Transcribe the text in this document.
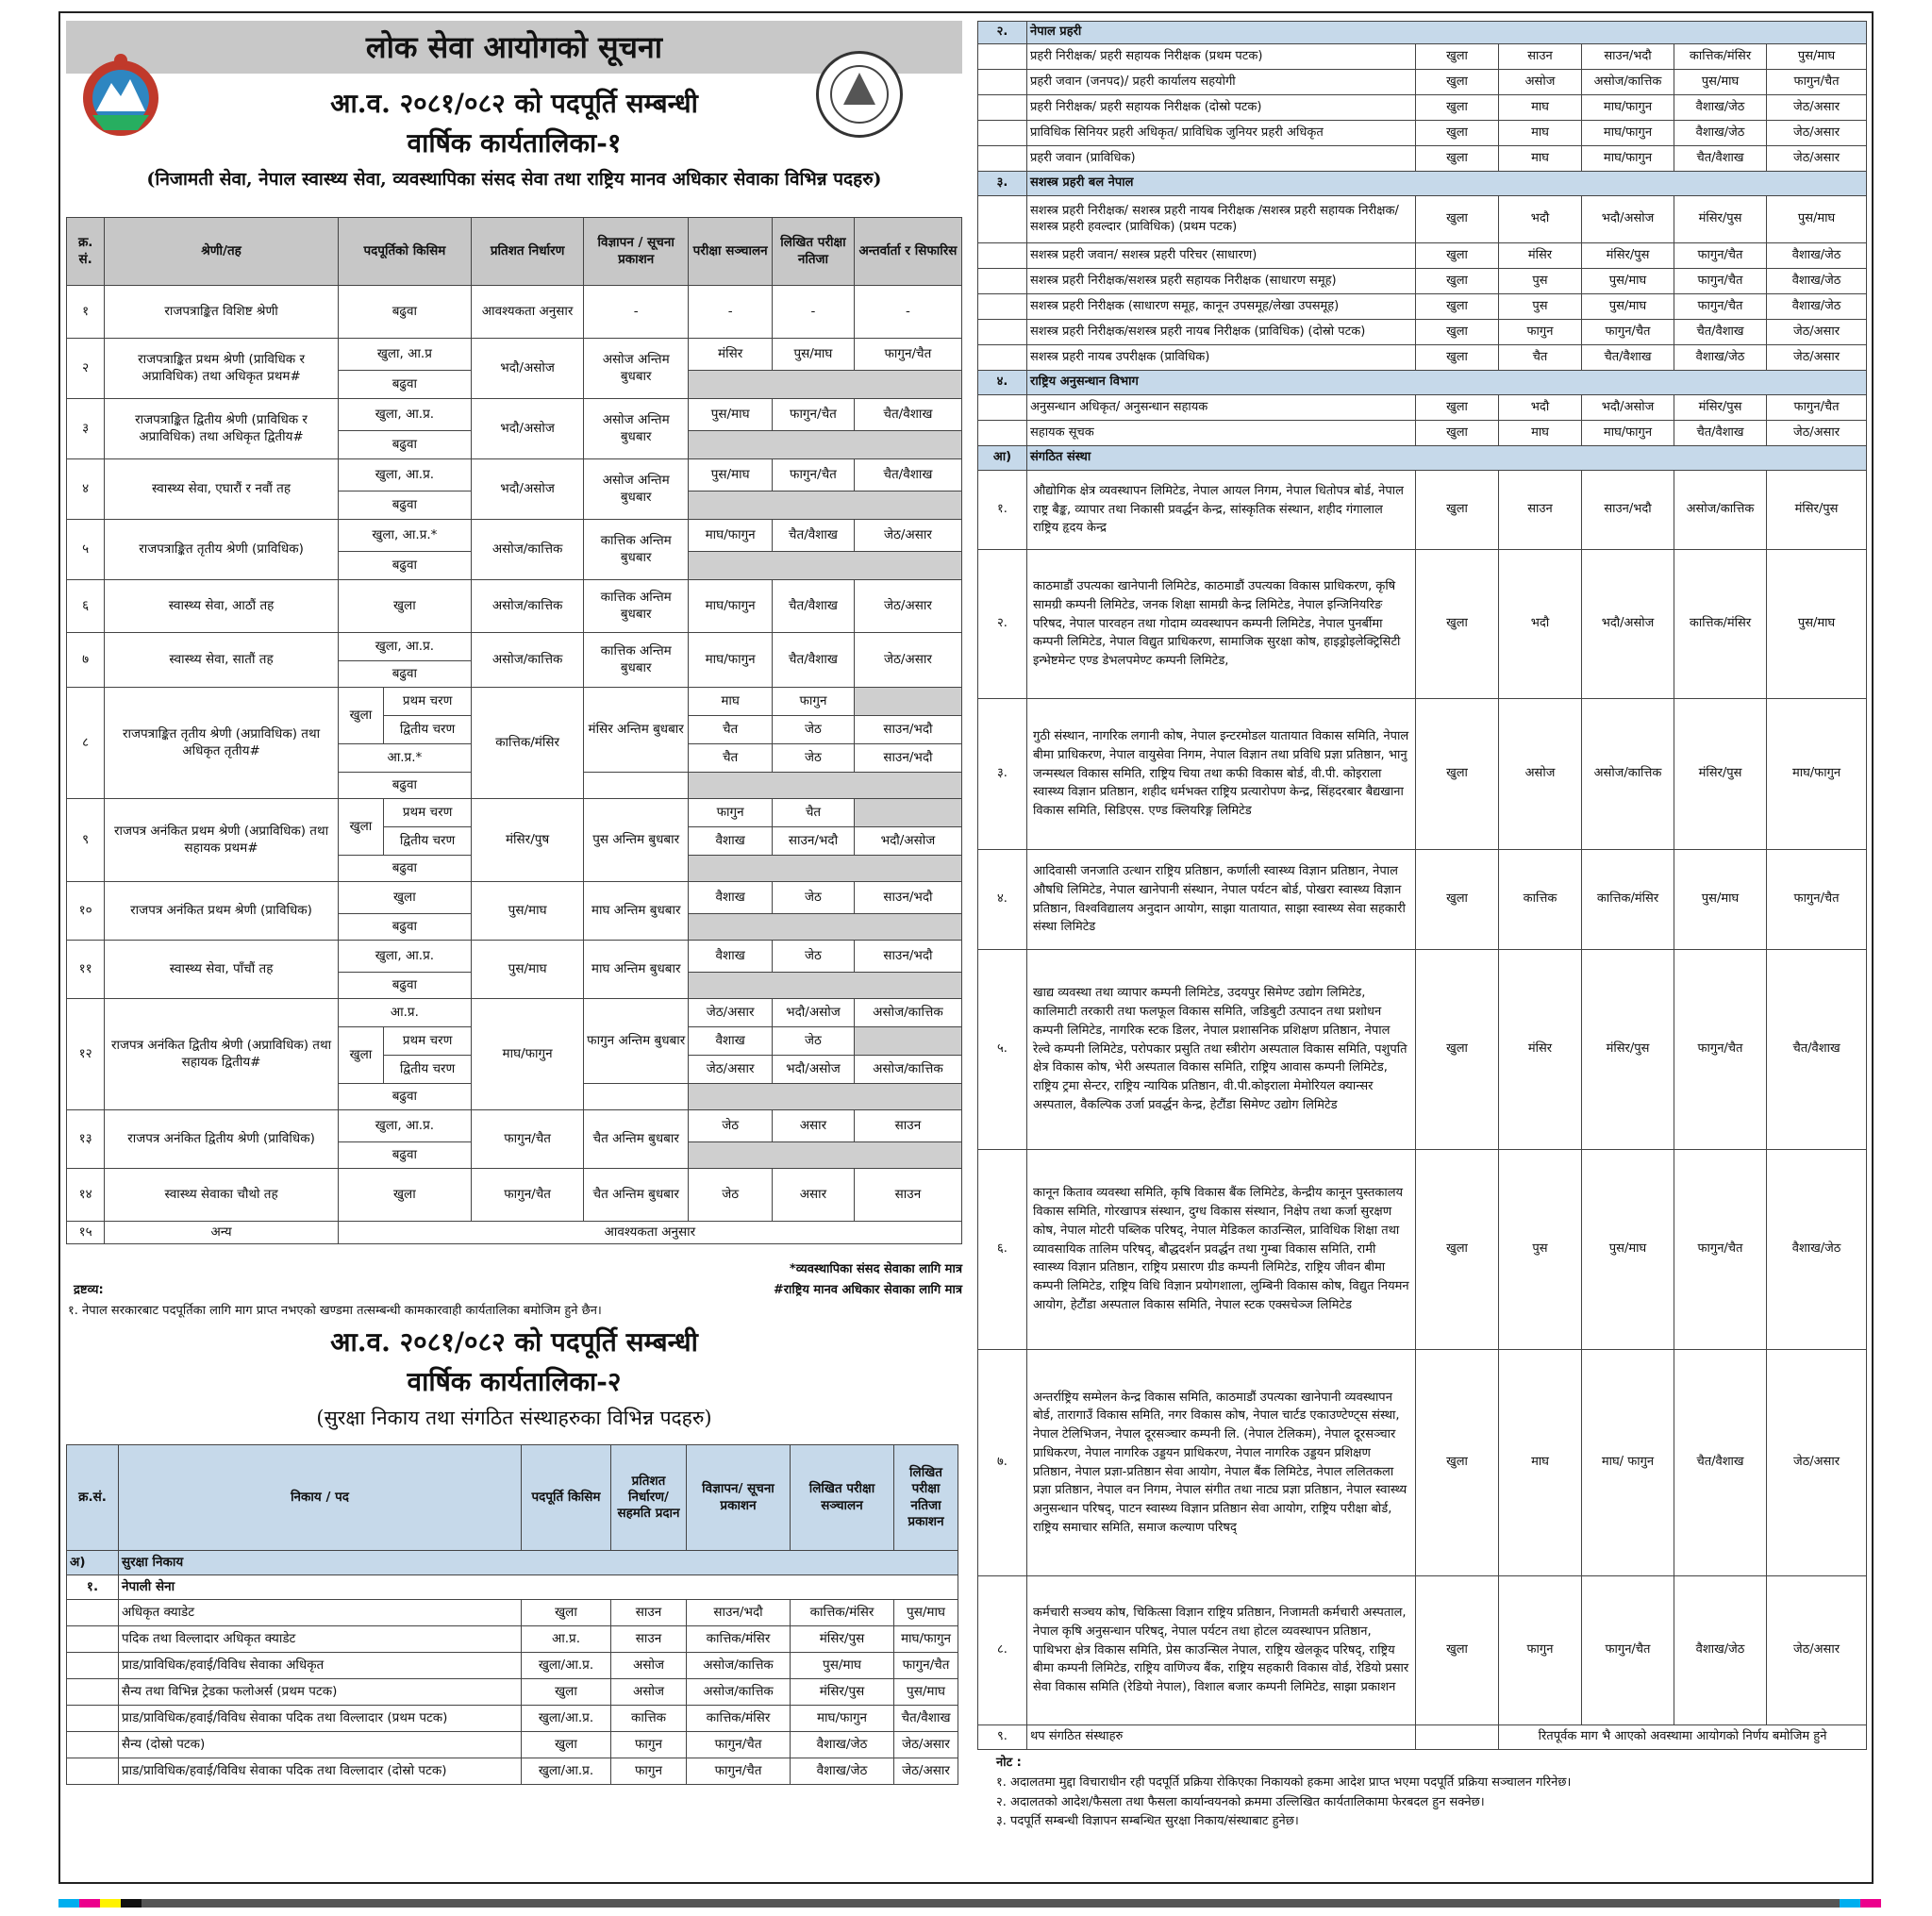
लोक सेवा आयोगको सूचना
आ.व. २०८१/०८२ को पदपूर्ति सम्बन्धी
वार्षिक कार्यतालिका-१
(निजामती सेवा, नेपाल स्वास्थ्य सेवा, व्यवस्थापिका संसद सेवा तथा राष्ट्रिय मानव अधिकार सेवाका विभिन्न पदहरु)
क्र. सं.	श्रेणी/तह	पदपूर्तिको किसिम		प्रतिशत निर्धारण	विज्ञापन / सूचना प्रकाशन	परीक्षा सञ्चालन	लिखित परीक्षा नतिजा	अन्तर्वार्ता र सिफारिस
१	राजपत्राङ्कित विशिष्ट श्रेणी	बढुवा		आवश्यकता अनुसार	-	-	-	-
२	राजपत्राङ्कित प्रथम श्रेणी (प्राविधिक र अप्राविधिक) तथा अधिकृत प्रथम#	खुला, आ.प्र		भदौ/असोज	असोज अन्तिम बुधबार	मंसिर	पुस/माघ	फागुन/चैत
		बढुवा						
३	राजपत्राङ्कित द्वितीय श्रेणी (प्राविधिक र अप्राविधिक) तथा अधिकृत द्वितीय#	खुला, आ.प्र.		भदौ/असोज	असोज अन्तिम बुधबार	पुस/माघ	फागुन/चैत	चैत/वैशाख
		बढुवा						
४	स्वास्थ्य सेवा, एघारौं र नवौं तह	खुला, आ.प्र.		भदौ/असोज	असोज अन्तिम बुधबार	पुस/माघ	फागुन/चैत	चैत/वैशाख
		बढुवा						
५	राजपत्राङ्कित तृतीय श्रेणी (प्राविधिक)	खुला, आ.प्र.*		असोज/कात्तिक	कात्तिक अन्तिम बुधबार	माघ/फागुन	चैत/वैशाख	जेठ/असार
		बढुवा						
६	स्वास्थ्य सेवा, आठौं तह	खुला		असोज/कात्तिक	कात्तिक अन्तिम बुधबार	माघ/फागुन	चैत/वैशाख	जेठ/असार
७	स्वास्थ्य सेवा, सातौं तह	खुला, आ.प्र.		असोज/कात्तिक	कात्तिक अन्तिम बुधबार	माघ/फागुन	चैत/वैशाख	जेठ/असार
		बढुवा						
८	राजपत्राङ्कित तृतीय श्रेणी (अप्राविधिक) तथा अधिकृत तृतीय#	खुला	प्रथम चरण	कात्तिक/मंसिर	मंसिर अन्तिम बुधबार	माघ	फागुन	
			द्वितीय चरण			चैत	जेठ	साउन/भदौ
		आ.प्र.*				चैत	जेठ	साउन/भदौ
		बढुवा						
९	राजपत्र अनंकित प्रथम श्रेणी (अप्राविधिक) तथा सहायक प्रथम#	खुला	प्रथम चरण	मंसिर/पुष	पुस अन्तिम बुधबार	फागुन	चैत	
			द्वितीय चरण			वैशाख	साउन/भदौ	भदौ/असोज
		बढुवा						
१०	राजपत्र अनंकित प्रथम श्रेणी (प्राविधिक)	खुला		पुस/माघ	माघ अन्तिम बुधबार	वैशाख	जेठ	साउन/भदौ
		बढुवा						
११	स्वास्थ्य सेवा, पाँचौं तह	खुला, आ.प्र.		पुस/माघ	माघ अन्तिम बुधबार	वैशाख	जेठ	साउन/भदौ
		बढुवा						
१२	राजपत्र अनंकित द्वितीय श्रेणी (अप्राविधिक) तथा सहायक द्वितीय#	आ.प्र.		माघ/फागुन	फागुन अन्तिम बुधबार	जेठ/असार	भदौ/असोज	असोज/कात्तिक
		खुला	प्रथम चरण			वैशाख	जेठ	
			द्वितीय चरण			जेठ/असार	भदौ/असोज	असोज/कात्तिक
		बढुवा						
१३	राजपत्र अनंकित द्वितीय श्रेणी (प्राविधिक)	खुला, आ.प्र.		फागुन/चैत	चैत अन्तिम बुधबार	जेठ	असार	साउन
		बढुवा						
१४	स्वास्थ्य सेवाका चौथो तह	खुला		फागुन/चैत	चैत अन्तिम बुधबार	जेठ	असार	साउन
१५	अन्य	आवश्यकता अनुसार						
*व्यवस्थापिका संसद सेवाका लागि मात्र
द्रष्टव्य:	#राष्ट्रिय मानव अधिकार सेवाका लागि मात्र
१. नेपाल सरकारबाट पदपूर्तिका लागि माग प्राप्त नभएको खण्डमा तत्सम्बन्धी कामकारवाही कार्यतालिका बमोजिम हुने छैन।
आ.व. २०८१/०८२ को पदपूर्ति सम्बन्धी
वार्षिक कार्यतालिका-२
(सुरक्षा निकाय तथा संगठित संस्थाहरुका विभिन्न पदहरु)
क्र.सं.	निकाय / पद	पदपूर्ति किसिम	प्रतिशत निर्धारण/ सहमति प्रदान	विज्ञापन/ सूचना प्रकाशन	लिखित परीक्षा सञ्चालन	लिखित परीक्षा नतिजा प्रकाशन
अ)	सुरक्षा निकाय					
१.	नेपाली सेना					
	अधिकृत क्याडेट	खुला	साउन	साउन/भदौ	कात्तिक/मंसिर	पुस/माघ
	पदिक तथा विल्लादार अधिकृत क्याडेट	आ.प्र.	साउन	कात्तिक/मंसिर	मंसिर/पुस	माघ/फागुन
	प्राड/प्राविधिक/हवाई/विविध सेवाका अधिकृत	खुला/आ.प्र.	असोज	असोज/कात्तिक	पुस/माघ	फागुन/चैत
	सैन्य तथा विभिन्न ट्रेडका फलोअर्स (प्रथम पटक)	खुला	असोज	असोज/कात्तिक	मंसिर/पुस	पुस/माघ
	प्राड/प्राविधिक/हवाई/विविध सेवाका पदिक तथा विल्लादार (प्रथम पटक)	खुला/आ.प्र.	कात्तिक	कात्तिक/मंसिर	माघ/फागुन	चैत/वैशाख
	सैन्य (दोस्रो पटक)	खुला	फागुन	फागुन/चैत	वैशाख/जेठ	जेठ/असार
	प्राड/प्राविधिक/हवाई/विविध सेवाका पदिक तथा विल्लादार (दोस्रो पटक)	खुला/आ.प्र.	फागुन	फागुन/चैत	वैशाख/जेठ	जेठ/असार
२.	नेपाल प्रहरी					
	प्रहरी निरीक्षक/ प्रहरी सहायक निरीक्षक (प्रथम पटक)	खुला	साउन	साउन/भदौ	कात्तिक/मंसिर	पुस/माघ
	प्रहरी जवान (जनपद)/ प्रहरी कार्यालय सहयोगी	खुला	असोज	असोज/कात्तिक	पुस/माघ	फागुन/चैत
	प्रहरी निरीक्षक/ प्रहरी सहायक निरीक्षक (दोस्रो पटक)	खुला	माघ	माघ/फागुन	वैशाख/जेठ	जेठ/असार
	प्राविधिक सिनियर प्रहरी अधिकृत/ प्राविधिक जुनियर प्रहरी अधिकृत	खुला	माघ	माघ/फागुन	वैशाख/जेठ	जेठ/असार
	प्रहरी जवान (प्राविधिक)	खुला	माघ	माघ/फागुन	चैत/वैशाख	जेठ/असार
३.	सशस्त्र प्रहरी बल नेपाल					
	सशस्त्र प्रहरी निरीक्षक/ सशस्त्र प्रहरी नायब निरीक्षक /सशस्त्र प्रहरी सहायक निरीक्षक/सशस्त्र प्रहरी हवल्दार (प्राविधिक) (प्रथम पटक)	खुला	भदौ	भदौ/असोज	मंसिर/पुस	पुस/माघ
	सशस्त्र प्रहरी जवान/ सशस्त्र प्रहरी परिचर (साधारण)	खुला	मंसिर	मंसिर/पुस	फागुन/चैत	वैशाख/जेठ
	सशस्त्र प्रहरी निरीक्षक/सशस्त्र प्रहरी सहायक निरीक्षक (साधारण समूह)	खुला	पुस	पुस/माघ	फागुन/चैत	वैशाख/जेठ
	सशस्त्र प्रहरी निरीक्षक (साधारण समूह, कानून उपसमूह/लेखा उपसमूह)	खुला	पुस	पुस/माघ	फागुन/चैत	वैशाख/जेठ
	सशस्त्र प्रहरी निरीक्षक/सशस्त्र प्रहरी नायब निरीक्षक (प्राविधिक) (दोस्रो पटक)	खुला	फागुन	फागुन/चैत	चैत/वैशाख	जेठ/असार
	सशस्त्र प्रहरी नायब उपरीक्षक (प्राविधिक)	खुला	चैत	चैत/वैशाख	वैशाख/जेठ	जेठ/असार
४.	राष्ट्रिय अनुसन्धान विभाग					
	अनुसन्धान अधिकृत/ अनुसन्धान सहायक	खुला	भदौ	भदौ/असोज	मंसिर/पुस	फागुन/चैत
	सहायक सूचक	खुला	माघ	माघ/फागुन	चैत/वैशाख	जेठ/असार
आ)	संगठित संस्था					
१.	औद्योगिक क्षेत्र व्यवस्थापन लिमिटेड, नेपाल आयल निगम, नेपाल धितोपत्र बोर्ड, नेपाल राष्ट्र बैङ्क, व्यापार तथा निकासी प्रवर्द्धन केन्द्र, सांस्कृतिक संस्थान, शहीद गंगालाल राष्ट्रिय हृदय केन्द्र	खुला	साउन	साउन/भदौ	असोज/कात्तिक	मंसिर/पुस
२.	काठमाडौं उपत्यका खानेपानी लिमिटेड, काठमाडौं उपत्यका विकास प्राधिकरण, कृषि सामग्री कम्पनी लिमिटेड, जनक शिक्षा सामग्री केन्द्र लिमिटेड, नेपाल इन्जिनियरिङ परिषद, नेपाल पारवहन तथा गोदाम व्यवस्थापन कम्पनी लिमिटेड, नेपाल पुनर्बीमा कम्पनी लिमिटेड, नेपाल विद्युत प्राधिकरण, सामाजिक सुरक्षा कोष, हाइड्रोइलेक्ट्रिसिटी इन्भेष्टमेन्ट एण्ड डेभलपमेण्ट कम्पनी लिमिटेड,	खुला	भदौ	भदौ/असोज	कात्तिक/मंसिर	पुस/माघ
३.	गुठी संस्थान, नागरिक लगानी कोष, नेपाल इन्टरमोडल यातायात विकास समिति, नेपाल बीमा प्राधिकरण, नेपाल वायुसेवा निगम, नेपाल विज्ञान तथा प्रविधि प्रज्ञा प्रतिष्ठान, भानु जन्मस्थल विकास समिति, राष्ट्रिय चिया तथा कफी विकास बोर्ड, वी.पी. कोइराला स्वास्थ्य विज्ञान प्रतिष्ठान, शहीद धर्मभक्त राष्ट्रिय प्रत्यारोपण केन्द्र, सिंहदरबार बैद्यखाना विकास समिति, सिडिएस. एण्ड क्लियरिङ्ग लिमिटेड	खुला	असोज	असोज/कात्तिक	मंसिर/पुस	माघ/फागुन
४.	आदिवासी जनजाति उत्थान राष्ट्रिय प्रतिष्ठान, कर्णाली स्वास्थ्य विज्ञान प्रतिष्ठान, नेपाल औषधि लिमिटेड, नेपाल खानेपानी संस्थान, नेपाल पर्यटन बोर्ड, पोखरा स्वास्थ्य विज्ञान प्रतिष्ठान, विश्वविद्यालय अनुदान आयोग, साझा यातायात, साझा स्वास्थ्य सेवा सहकारी संस्था लिमिटेड	खुला	कात्तिक	कात्तिक/मंसिर	पुस/माघ	फागुन/चैत
५.	खाद्य व्यवस्था तथा व्यापार कम्पनी लिमिटेड, उदयपुर सिमेण्ट उद्योग लिमिटेड, कालिमाटी तरकारी तथा फलफूल विकास समिति, जडिबुटी उत्पादन तथा प्रशोधन कम्पनी लिमिटेड, नागरिक स्टक डिलर, नेपाल प्रशासनिक प्रशिक्षण प्रतिष्ठान, नेपाल रेल्वे कम्पनी लिमिटेड, परोपकार प्रसुति तथा स्त्रीरोग अस्पताल विकास समिति, पशुपति क्षेत्र विकास कोष, भेरी अस्पताल विकास समिति, राष्ट्रिय आवास कम्पनी लिमिटेड, राष्ट्रिय ट्रमा सेन्टर, राष्ट्रिय न्यायिक प्रतिष्ठान, वी.पी.कोइराला मेमोरियल क्यान्सर अस्पताल, वैकल्पिक उर्जा प्रवर्द्धन केन्द्र, हेटौंडा सिमेण्ट उद्योग लिमिटेड	खुला	मंसिर	मंसिर/पुस	फागुन/चैत	चैत/वैशाख
६.	कानून किताव व्यवस्था समिति, कृषि विकास बैंक लिमिटेड, केन्द्रीय कानून पुस्तकालय विकास समिति, गोरखापत्र संस्थान, दुग्ध विकास संस्थान, निक्षेप तथा कर्जा सुरक्षण कोष, नेपाल मोटरी पब्लिक परिषद्, नेपाल मेडिकल काउन्सिल, प्राविधिक शिक्षा तथा व्यावसायिक तालिम परिषद्, बौद्धदर्शन प्रवर्द्धन तथा गुम्बा विकास समिति, रामी स्वास्थ्य विज्ञान प्रतिष्ठान, राष्ट्रिय प्रसारण ग्रीड कम्पनी लिमिटेड, राष्ट्रिय जीवन बीमा कम्पनी लिमिटेड, राष्ट्रिय विधि विज्ञान प्रयोगशाला, लुम्बिनी विकास कोष, विद्युत नियमन आयोग, हेटौंडा अस्पताल विकास समिति, नेपाल स्टक एक्सचेञ्ज लिमिटेड	खुला	पुस	पुस/माघ	फागुन/चैत	वैशाख/जेठ
७.	अन्तर्राष्ट्रिय सम्मेलन केन्द्र विकास समिति, काठमाडौं उपत्यका खानेपानी व्यवस्थापन बोर्ड, तारागाउँ विकास समिति, नगर विकास कोष, नेपाल चार्टड एकाउण्टेण्ट्स संस्था, नेपाल टेलिभिजन, नेपाल दूरसञ्चार कम्पनी लि. (नेपाल टेलिकम), नेपाल दूरसञ्चार प्राधिकरण, नेपाल नागरिक उड्डयन प्राधिकरण, नेपाल नागरिक उड्डयन प्रशिक्षण प्रतिष्ठान, नेपाल प्रज्ञा-प्रतिष्ठान सेवा आयोग, नेपाल बैंक लिमिटेड, नेपाल ललितकला प्रज्ञा प्रतिष्ठान, नेपाल वन निगम, नेपाल संगीत तथा नाट्य प्रज्ञा प्रतिष्ठान, नेपाल स्वास्थ्य अनुसन्धान परिषद्, पाटन स्वास्थ्य विज्ञान प्रतिष्ठान सेवा आयोग, राष्ट्रिय परीक्षा बोर्ड, राष्ट्रिय समाचार समिति, समाज कल्याण परिषद्	खुला	माघ	माघ/ फागुन	चैत/वैशाख	जेठ/असार
८.	कर्मचारी सञ्चय कोष, चिकित्सा विज्ञान राष्ट्रिय प्रतिष्ठान, निजामती कर्मचारी अस्पताल, नेपाल कृषि अनुसन्धान परिषद्, नेपाल पर्यटन तथा होटल व्यवस्थापन प्रतिष्ठान, पाथिभरा क्षेत्र विकास समिति, प्रेस काउन्सिल नेपाल, राष्ट्रिय खेलकूद परिषद्, राष्ट्रिय बीमा कम्पनी लिमिटेड, राष्ट्रिय वाणिज्य बैंक, राष्ट्रिय सहकारी विकास वोर्ड, रेडियो प्रसार सेवा विकास समिति (रेडियो नेपाल), विशाल बजार कम्पनी लिमिटेड, साझा प्रकाशन	खुला	फागुन	फागुन/चैत	वैशाख/जेठ	जेठ/असार
९.	थप संगठित संस्थाहरु		रितपूर्वक माग भै आएको अवस्थामा आयोगको निर्णय बमोजिम हुने			
नोट :
१. अदालतमा मुद्दा विचाराधीन रही पदपूर्ति प्रक्रिया रोकिएका निकायको हकमा आदेश प्राप्त भएमा पदपूर्ति प्रक्रिया सञ्चालन गरिनेछ।
२. अदालतको आदेश/फैसला तथा फैसला कार्यान्वयनको क्रममा उल्लिखित कार्यतालिकामा फेरबदल हुन सक्नेछ।
३. पदपूर्ति सम्बन्धी विज्ञापन सम्बन्धित सुरक्षा निकाय/संस्थाबाट हुनेछ।
